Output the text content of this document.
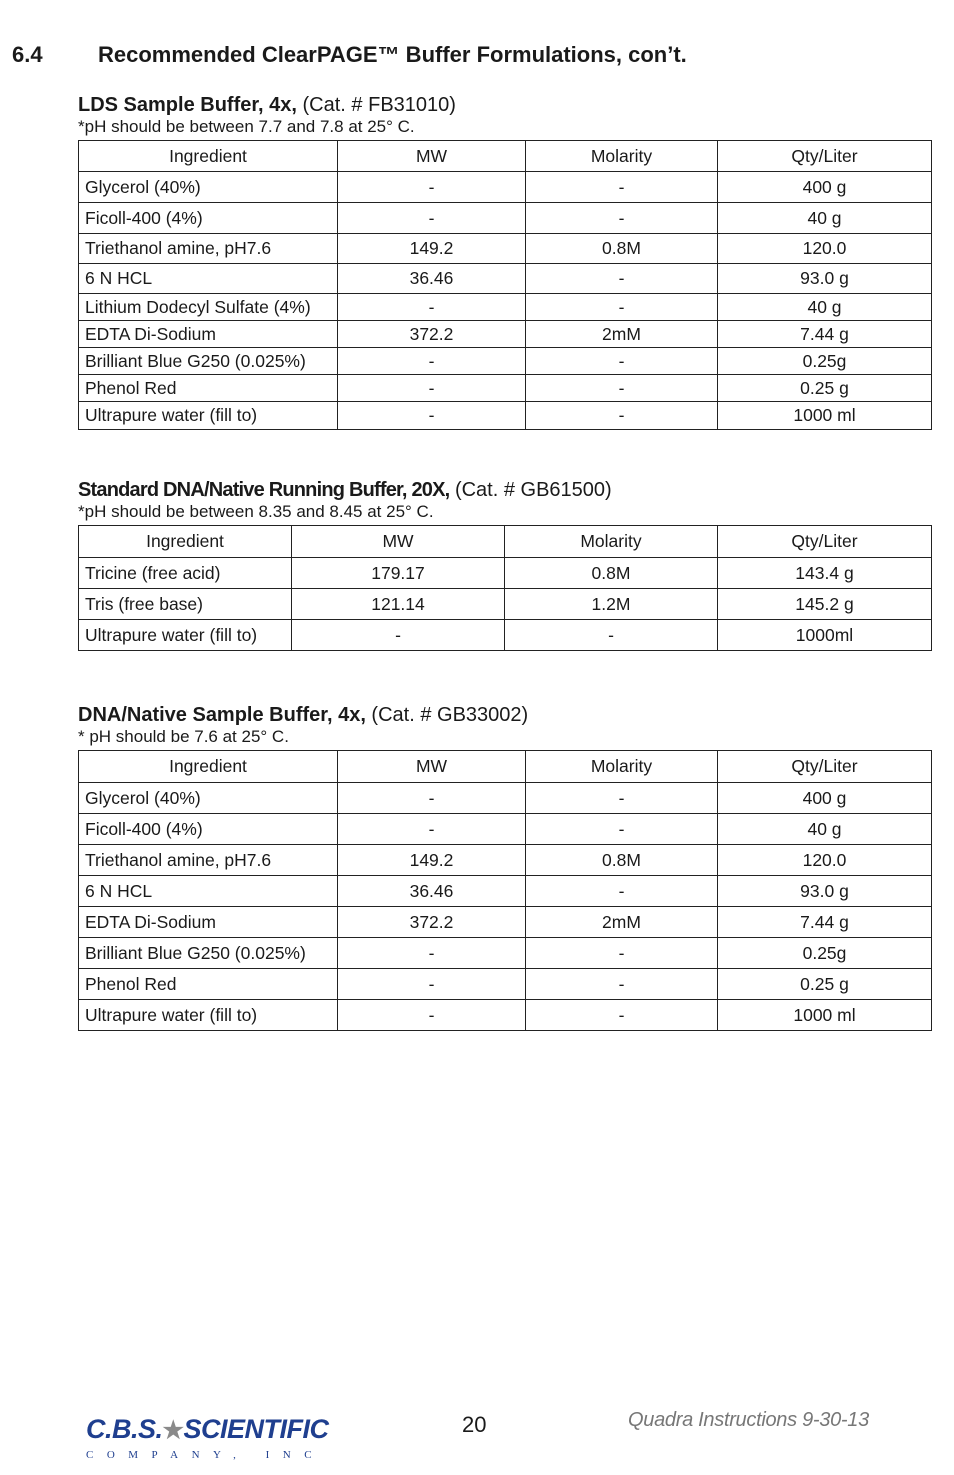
6.4	Recommended ClearPAGE™ Buffer Formulations, con’t.
LDS Sample Buffer, 4x, (Cat. # FB31010)
*pH should be between 7.7 and 7.8 at 25° C.
Ingredient	MW	Molarity	Qty/Liter
Glycerol (40%)	-	-	400 g
Ficoll-400 (4%)	-	-	40 g
Triethanol amine, pH7.6	149.2	0.8M	120.0
6 N HCL	36.46	-	93.0 g
Lithium Dodecyl Sulfate (4%)	-	-	40 g
EDTA Di-Sodium	372.2	2mM	7.44 g
Brilliant Blue G250 (0.025%)	-	-	0.25g
Phenol Red	-	-	0.25 g
Ultrapure water (fill to)	-	-	1000 ml
Standard DNA/Native Running Buffer, 20X, (Cat. # GB61500)
*pH should be between 8.35 and 8.45 at 25° C.
Ingredient	MW	Molarity	Qty/Liter
Tricine (free acid)	179.17	0.8M	143.4 g
Tris (free base)	121.14	1.2M	145.2 g
Ultrapure water (fill to)	-	-	1000ml
DNA/Native Sample Buffer, 4x, (Cat. # GB33002)
* pH should be 7.6 at 25° C.
Ingredient	MW	Molarity	Qty/Liter
Glycerol (40%)	-	-	400 g
Ficoll-400 (4%)	-	-	40 g
Triethanol amine, pH7.6	149.2	0.8M	120.0
6 N HCL	36.46	-	93.0 g
EDTA Di-Sodium	372.2	2mM	7.44 g
Brilliant Blue G250 (0.025%)	-	-	0.25g
Phenol Red	-	-	0.25 g
Ultrapure water (fill to)	-	-	1000 ml
C.B.S.★SCIENTIFIC
COMPANY, INC
20	Quadra Instructions 9-30-13
